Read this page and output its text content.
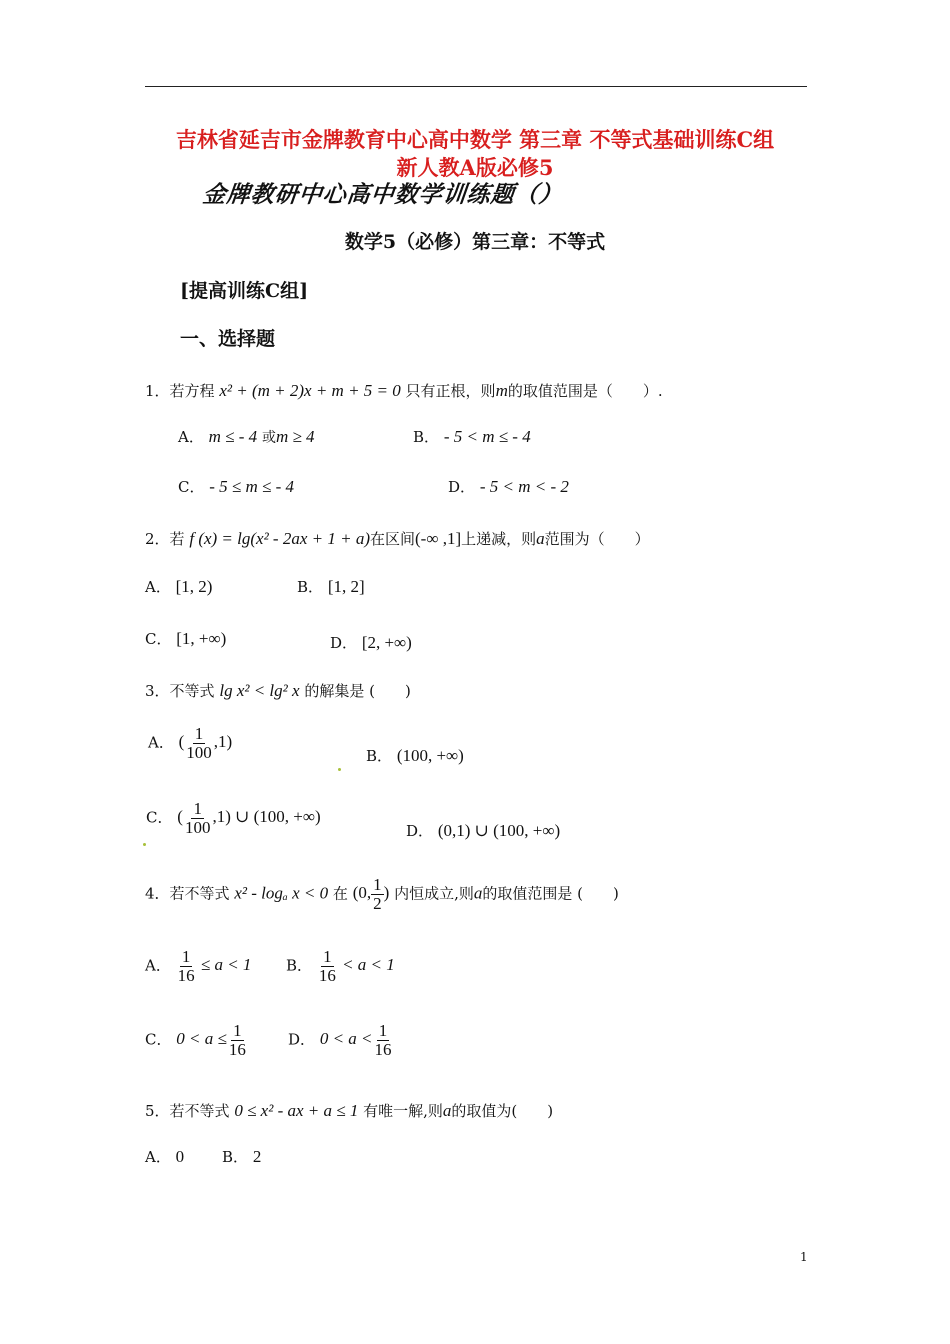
吉林省延吉市金牌教育中心高中数学 第三章 不等式基础训练C组
新人教A版必修5
金牌教研中心高中数学训练题（）
数学5（必修）第三章：不等式
[提高训练C组]
一、选择题
1．若方程 x² + (m + 2)x + m + 5 = 0 只有正根，则m的取值范围是（　　）.
A． m ≤ - 4 或m ≥ 4	B． - 5 < m ≤ - 4
C． - 5 ≤ m ≤ - 4	D． - 5 < m < - 2
2．若 f (x) = lg(x² - 2ax + 1 + a)在区间(-∞ ,1]上递减，则a范围为（　　）
A． [1, 2)	B． [1, 2]
C． [1, +∞)	D． [2, +∞)
3．不等式 lg x² < lg² x 的解集是 (　　)
A． ( $\frac{1}{100} ,1$)
B． (100, +∞)
C． ( $\frac{1}{100} ,1$) ∪ (100, +∞)
D． (0,1) ∪ (100, +∞)
4．若不等式 x² - logₐ x < 0 在 (0, $\frac{1}{2}$ ) 内恒成立,则a的取值范围是 (　　)
A． $\frac{1}{16} \le a < 1$ B． $\frac{1}{16} < a < 1$
C． $0 < a \le \frac{1}{16}$	D． $0 < a < \frac{1}{16}$
5．若不等式 0 ≤ x² - ax + a ≤ 1 有唯一解,则a的取值为(　　)
A． 0	B． 2
1
